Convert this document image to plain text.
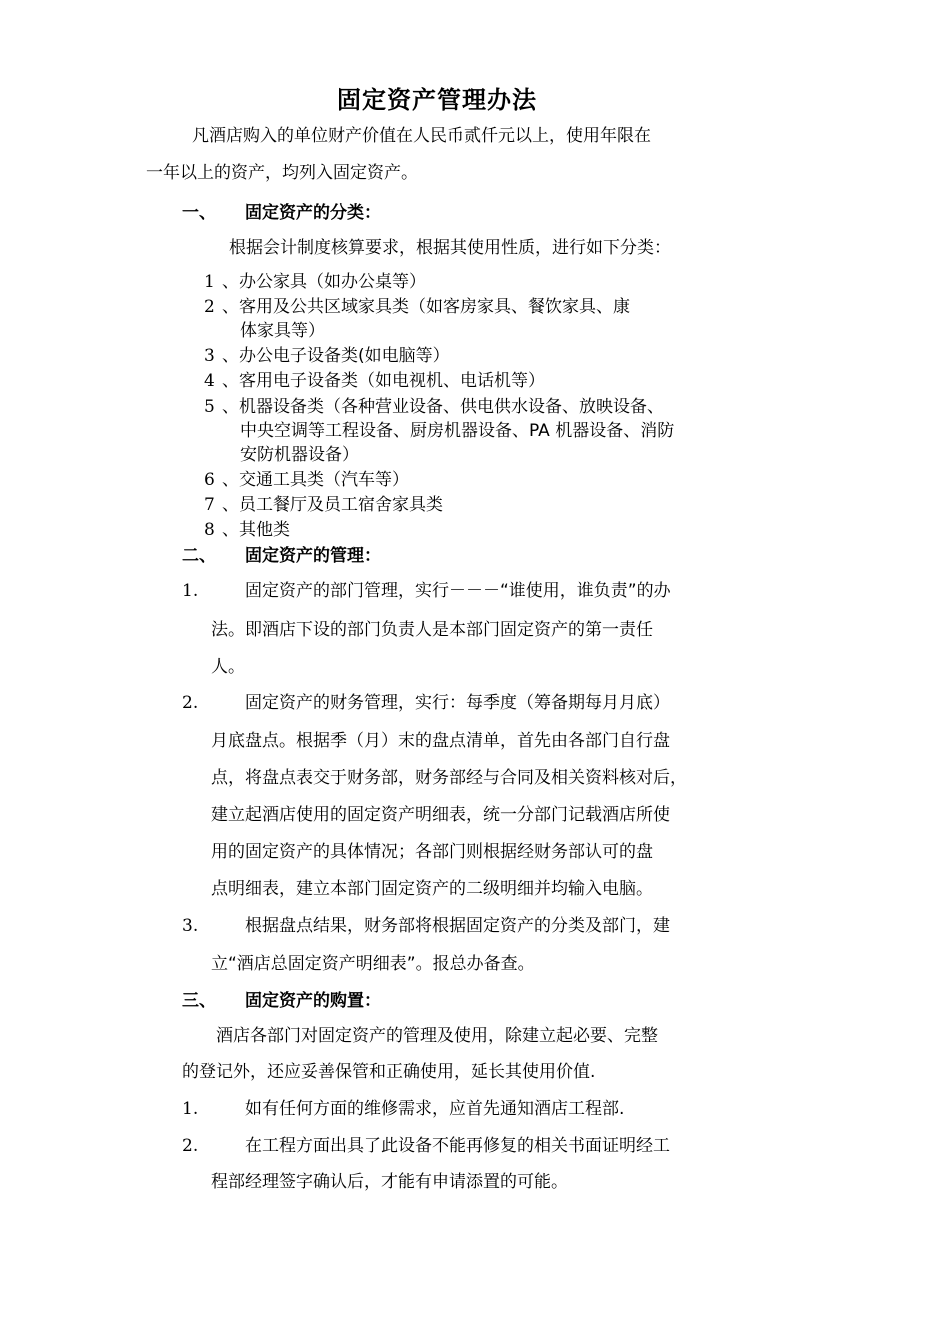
固定资产管理办法
凡酒店购入的单位财产价值在人民币贰仟元以上，使用年限在
一年以上的资产，均列入固定资产。
一、 固定资产的分类：
根据会计制度核算要求，根据其使用性质，进行如下分类：
1 、办公家具（如办公桌等）
2 、客用及公共区域家具类（如客房家具、餐饮家具、康
体家具等）
3 、办公电子设备类(如电脑等）
4 、客用电子设备类（如电视机、电话机等）
5 、机器设备类（各种营业设备、供电供水设备、放映设备、
中央空调等工程设备、厨房机器设备、PA 机器设备、消防
安防机器设备）
6 、交通工具类（汽车等）
7 、员工餐厅及员工宿舍家具类
8 、其他类
二、 固定资产的管理：
1.	固定资产的部门管理，实行－－－“谁使用，谁负责”的办
法。即酒店下设的部门负责人是本部门固定资产的第一责任
人。
2.	固定资产的财务管理，实行：每季度（筹备期每月月底）
月底盘点。根据季（月）末的盘点清单，首先由各部门自行盘
点，将盘点表交于财务部，财务部经与合同及相关资料核对后，
建立起酒店使用的固定资产明细表，统一分部门记载酒店所使
用的固定资产的具体情况；各部门则根据经财务部认可的盘
点明细表，建立本部门固定资产的二级明细并均输入电脑。
3.	根据盘点结果，财务部将根据固定资产的分类及部门，建
立“酒店总固定资产明细表”。报总办备查。
三、 固定资产的购置：
酒店各部门对固定资产的管理及使用，除建立起必要、完整
的登记外，还应妥善保管和正确使用，延长其使用价值.
1.	如有任何方面的维修需求，应首先通知酒店工程部.
2.	在工程方面出具了此设备不能再修复的相关书面证明经工
程部经理签字确认后，才能有申请添置的可能。
